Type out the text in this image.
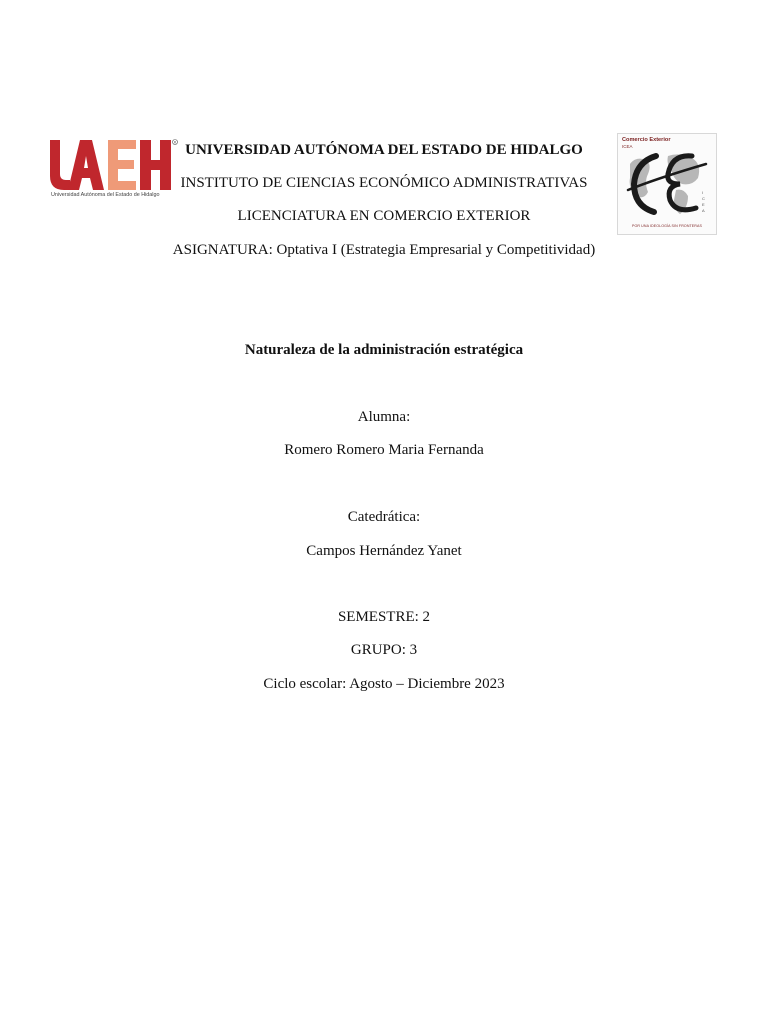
R
Universidad Autónoma del Estado de Hidalgo
Comercio Exterior
ICEA
I
C
E
A
POR UNA IDEOLOGÍA SIN FRONTERAS
UNIVERSIDAD AUTÓNOMA DEL ESTADO DE HIDALGO
INSTITUTO DE CIENCIAS ECONÓMICO ADMINISTRATIVAS
LICENCIATURA EN COMERCIO EXTERIOR
ASIGNATURA: Optativa I (Estrategia Empresarial y Competitividad)
Naturaleza de la administración estratégica
Alumna:
Romero Romero Maria Fernanda
Catedrática:
Campos Hernández Yanet
SEMESTRE: 2
GRUPO: 3
Ciclo escolar: Agosto – Diciembre 2023
